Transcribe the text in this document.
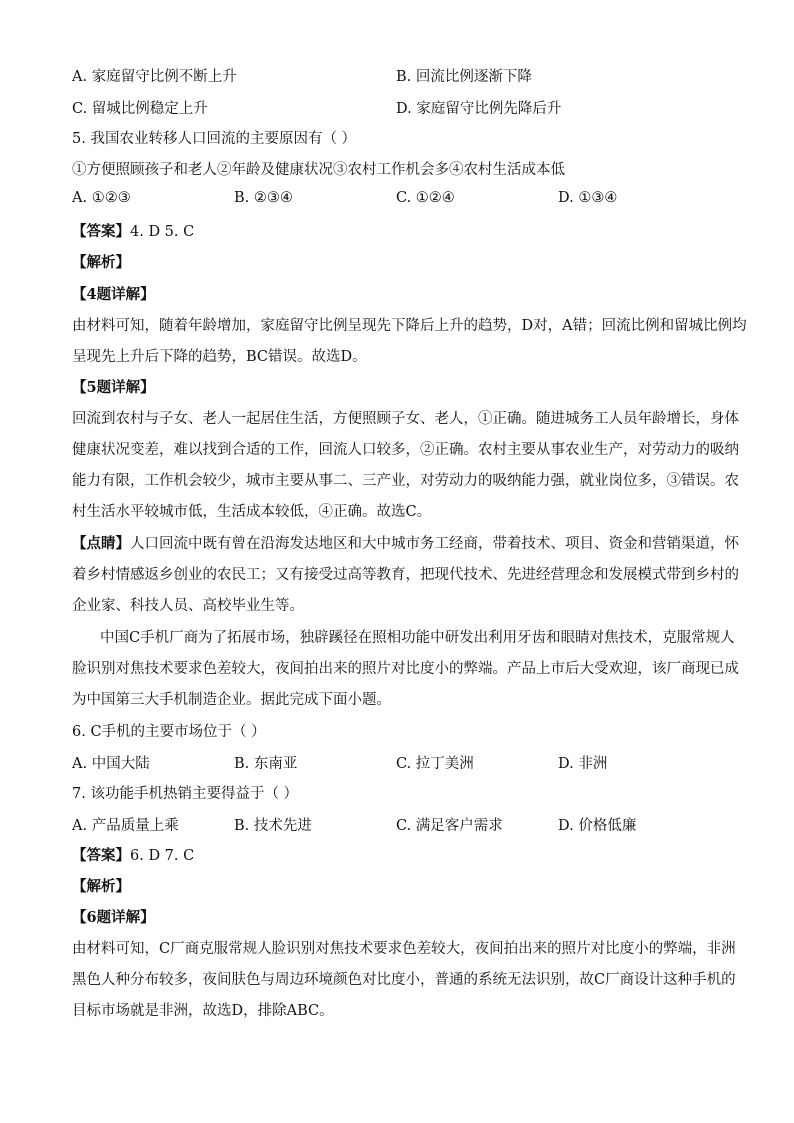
A. 家庭留守比例不断上升	B. 回流比例逐渐下降
C. 留城比例稳定上升	D. 家庭留守比例先降后升
5. 我国农业转移人口回流的主要原因有（ ）
①方便照顾孩子和老人②年龄及健康状况③农村工作机会多④农村生活成本低
A. ①②③	B. ②③④	C. ①②④	D. ①③④
【答案】4. D 5. C
【解析】
【4题详解】
由材料可知，随着年龄增加，家庭留守比例呈现先下降后上升的趋势，D对，A错；回流比例和留城比例均
呈现先上升后下降的趋势，BC错误。故选D。
【5题详解】
回流到农村与子女、老人一起居住生活，方便照顾子女、老人，①正确。随进城务工人员年龄增长，身体
健康状况变差，难以找到合适的工作，回流人口较多，②正确。农村主要从事农业生产，对劳动力的吸纳
能力有限，工作机会较少，城市主要从事二、三产业，对劳动力的吸纳能力强，就业岗位多，③错误。农
村生活水平较城市低，生活成本较低，④正确。故选C。
【点睛】人口回流中既有曾在沿海发达地区和大中城市务工经商，带着技术、项目、资金和营销渠道，怀
着乡村情感返乡创业的农民工；又有接受过高等教育，把现代技术、先进经营理念和发展模式带到乡村的
企业家、科技人员、高校毕业生等。
中国C手机厂商为了拓展市场，独辟蹊径在照相功能中研发出利用牙齿和眼睛对焦技术，克服常规人
脸识别对焦技术要求色差较大，夜间拍出来的照片对比度小的弊端。产品上市后大受欢迎，该厂商现已成
为中国第三大手机制造企业。据此完成下面小题。
6. C手机的主要市场位于（ ）
A. 中国大陆	B. 东南亚	C. 拉丁美洲	D. 非洲
7. 该功能手机热销主要得益于（ ）
A. 产品质量上乘	B. 技术先进	C. 满足客户需求	D. 价格低廉
【答案】6. D 7. C
【解析】
【6题详解】
由材料可知，C厂商克服常规人脸识别对焦技术要求色差较大，夜间拍出来的照片对比度小的弊端，非洲
黑色人种分布较多，夜间肤色与周边环境颜色对比度小，普通的系统无法识别，故C厂商设计这种手机的
目标市场就是非洲，故选D，排除ABC。
